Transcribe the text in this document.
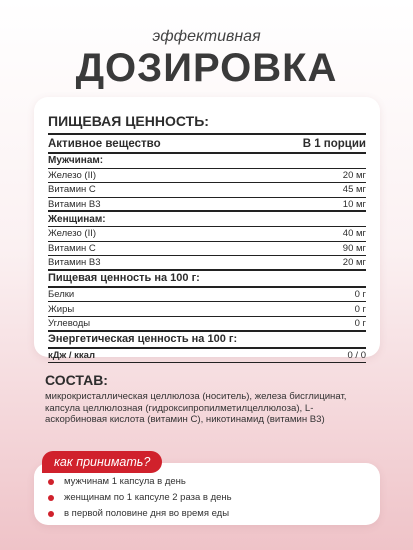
эффективная
ДОЗИРОВКА
ПИЩЕВАЯ ЦЕННОСТЬ:
Активное вещество	В 1 порции
Мужчинам:
Железо (II)	20 мг
Витамин С	45 мг
Витамин В3	10 мг
Женщинам:
Железо (II)	40 мг
Витамин С	90 мг
Витамин В3	20 мг
Пищевая ценность на 100 г:
Белки	0 г
Жиры	0 г
Углеводы	0 г
Энергетическая ценность на 100 г:
кДж / ккал	0 / 0
СОСТАВ:
микрокристаллическая целлюлоза (носитель), железа бисглицинат, капсула целлюлозная (гидроксипропилметилцеллюлоза), L-аскорбиновая кислота (витамин С), никотинамид (витамин В3)
как принимать?
мужчинам 1 капсула в день
женщинам по 1 капсуле 2 раза в день
в первой половине дня во время еды
